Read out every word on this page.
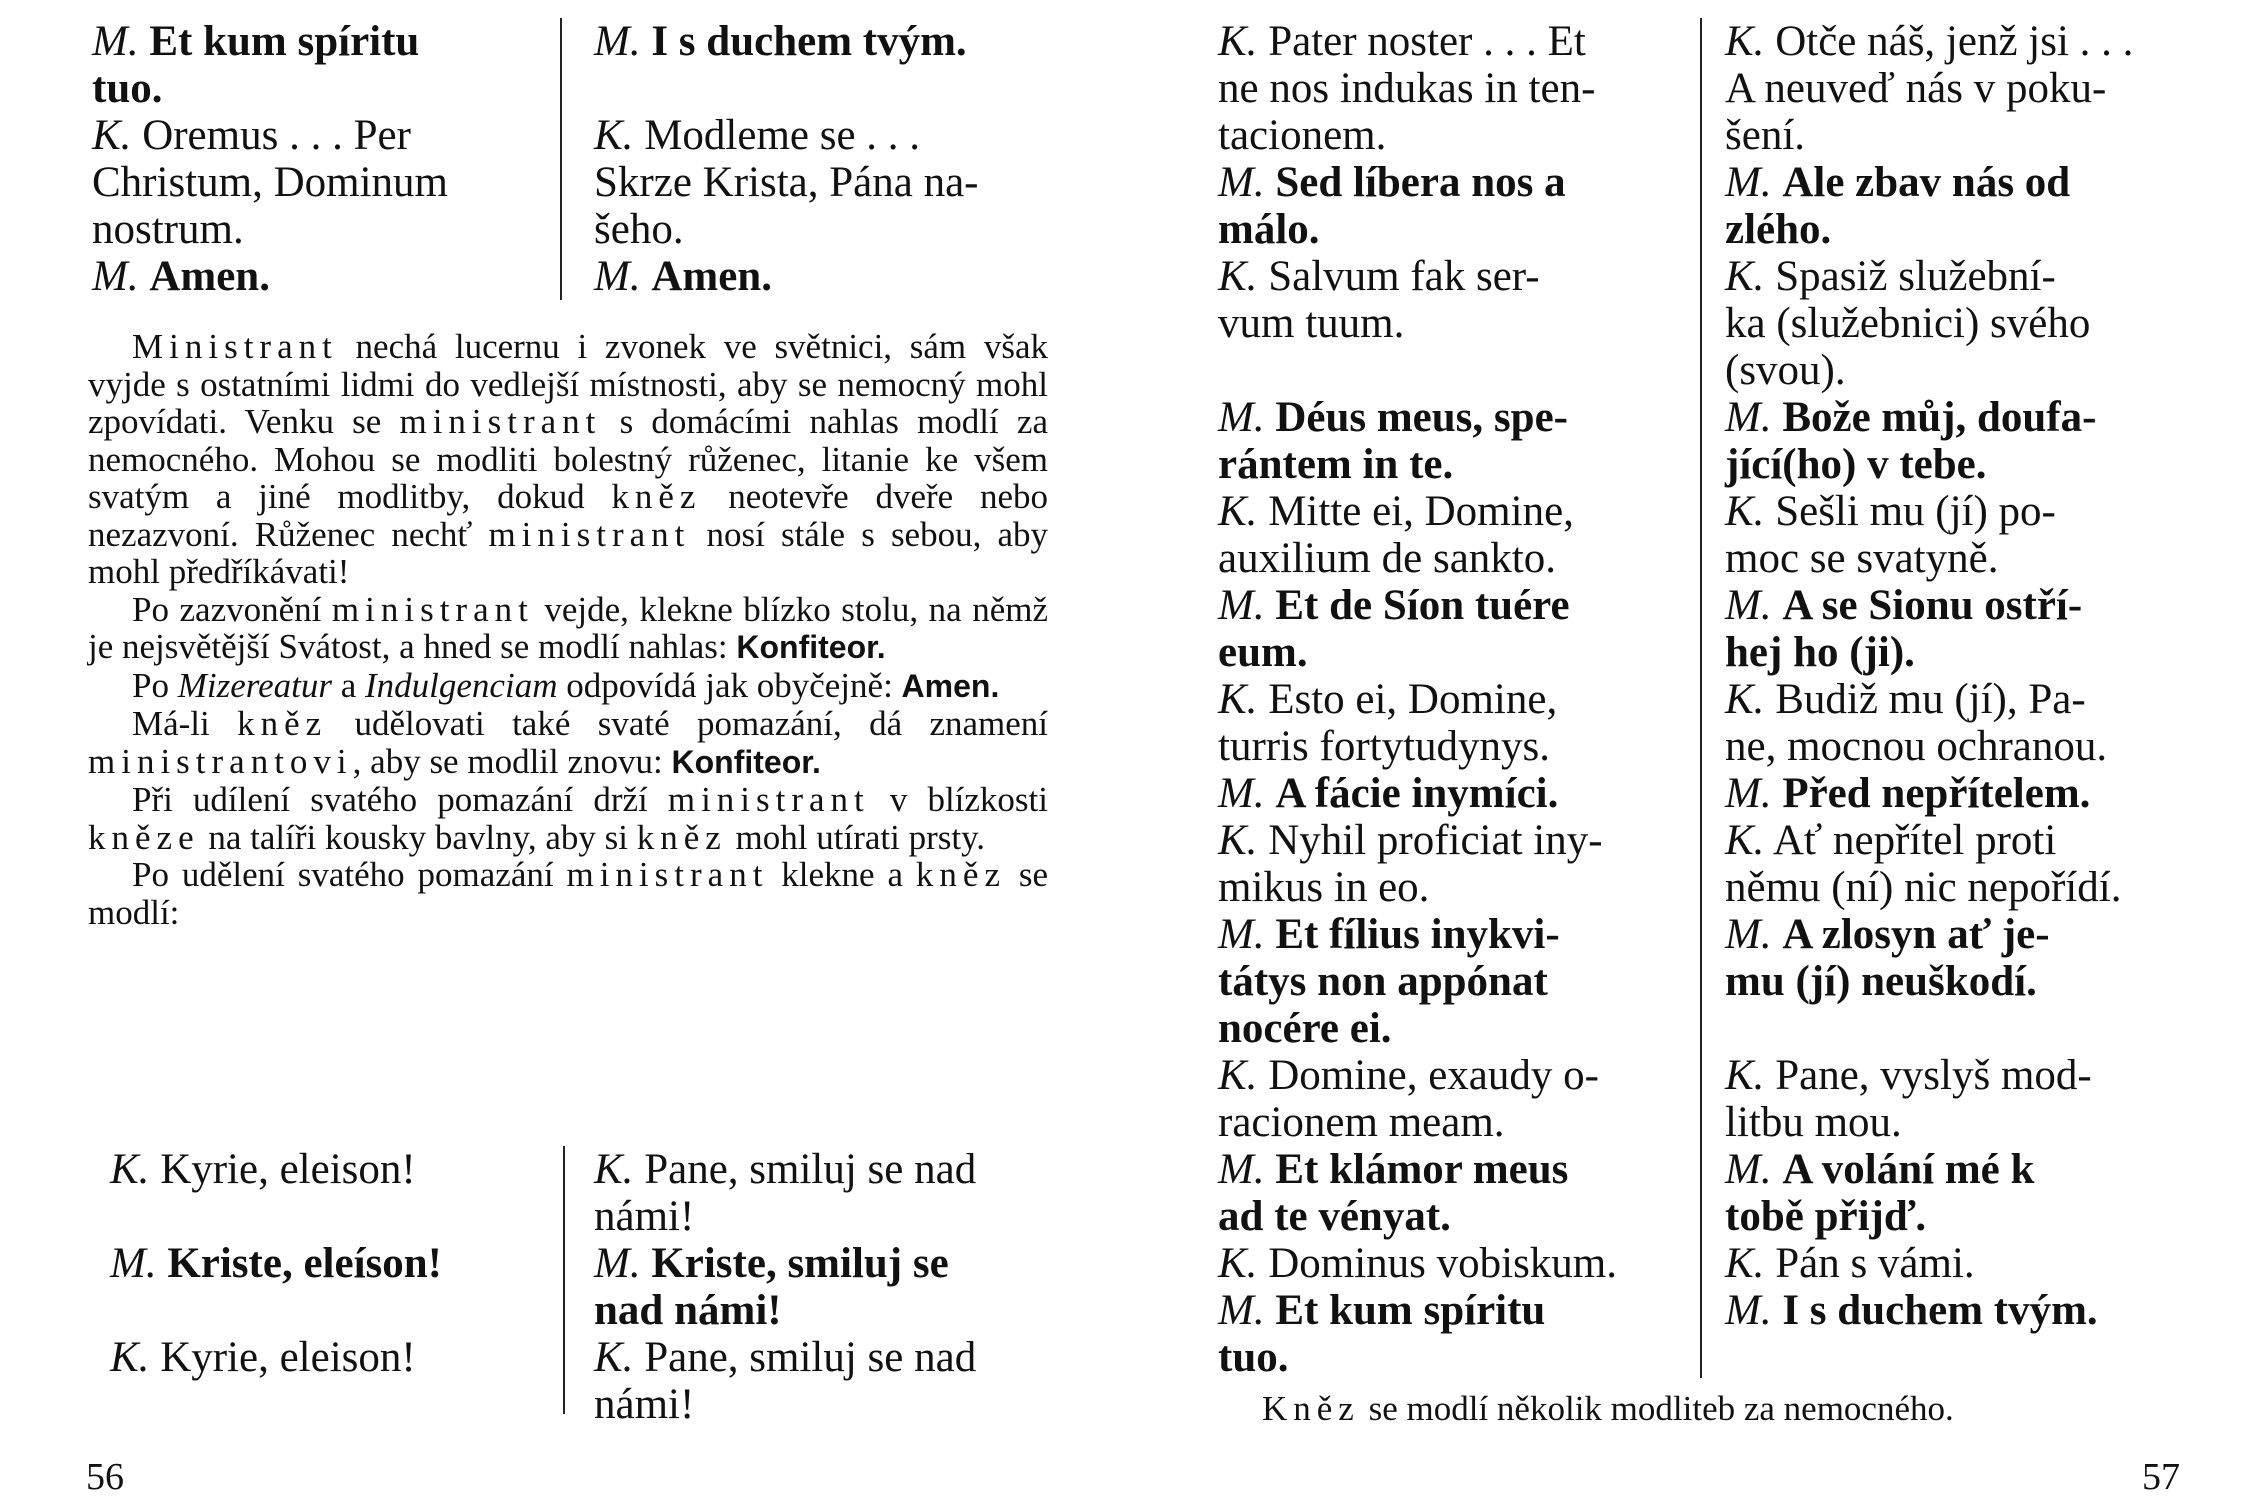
M. Et kum spíritu
tuo.
K. Oremus . . . Per
Christum, Dominum
nostrum.
M. Amen.
M. I s duchem tvým.

K. Modleme se . . .
Skrze Krista, Pána na-
šeho.
M. Amen.

Ministrant nechá lucernu i zvonek ve světnici, sám však vyjde s ostatními lidmi do vedlejší místnosti, aby se nemocný mohl zpovídati. Venku se ministrant s domácími nahlas modlí za nemocného. Mohou se modliti bolestný růženec, litanie ke všem svatým a jiné modlitby, dokud kněz neotevře dveře nebo nezazvoní. Růženec nechť ministrant nosí stále s sebou, aby mohl předříkávati!

Po zazvonění ministrant vejde, klekne blízko stolu, na němž je nejsvětější Svátost, a hned se modlí nahlas: Konfiteor.

Po Mizereatur a Indulgenciam odpovídá jak obyčejně: Amen.

Má-li kněz udělovati také svaté pomazání, dá znamení ministrantovi, aby se modlil znovu: Konfiteor.

Při udílení svatého pomazání drží ministrant v blízkosti kněze na talíři kousky bavlny, aby si kněz mohl utírati prsty.

Po udělení svatého pomazání ministrant klekne a kněz se modlí:

K. Kyrie, eleison!
M. Kriste, eleíson!
K. Kyrie, eleison!
K. Pane, smiluj se nad
námi!
M. Kriste, smiluj se
nad námi!
K. Pane, smiluj se nad
námi!
56
K. Pater noster . . . Et
ne nos indukas in ten-
tacionem.
M. Sed líbera nos a
málo.
K. Salvum fak ser-
vum tuum.
M. Déus meus, spe-
rántem in te.
K. Mitte ei, Domine,
auxilium de sankto.
M. Et de Síon tuére
eum.
K. Esto ei, Domine,
turris fortytudynys.
M. A fácie inymíci.
K. Nyhil proficiat iny-
mikus in eo.
M. Et fílius inykvi-
tátys non appónat
nocére ei.
K. Domine, exaudy o-
racionem meam.
M. Et klámor meus
ad te vényat.
K. Dominus vobiskum.
M. Et kum spíritu
tuo.
K. Otče náš, jenž jsi . . .
A neuveď nás v poku-
šení.
M. Ale zbav nás od
zlého.
K. Spasiž služební-
ka (služebnici) svého
(svou).
M. Bože můj, doufa-
jící(ho) v tebe.
K. Sešli mu (jí) po-
moc se svatyně.
M. A se Sionu ostří-
hej ho (ji).
K. Budiž mu (jí), Pa-
ne, mocnou ochranou.
M. Před nepřítelem.
K. Ať nepřítel proti
němu (ní) nic nepořídí.
M. A zlosyn ať je-
mu (jí) neuškodí.
K. Pane, vyslyš mod-
litbu mou.
M. A volání mé k
tobě přijď.
K. Pán s vámi.
M. I s duchem tvým.
57
Kněz se modlí několik modliteb za nemocného.
